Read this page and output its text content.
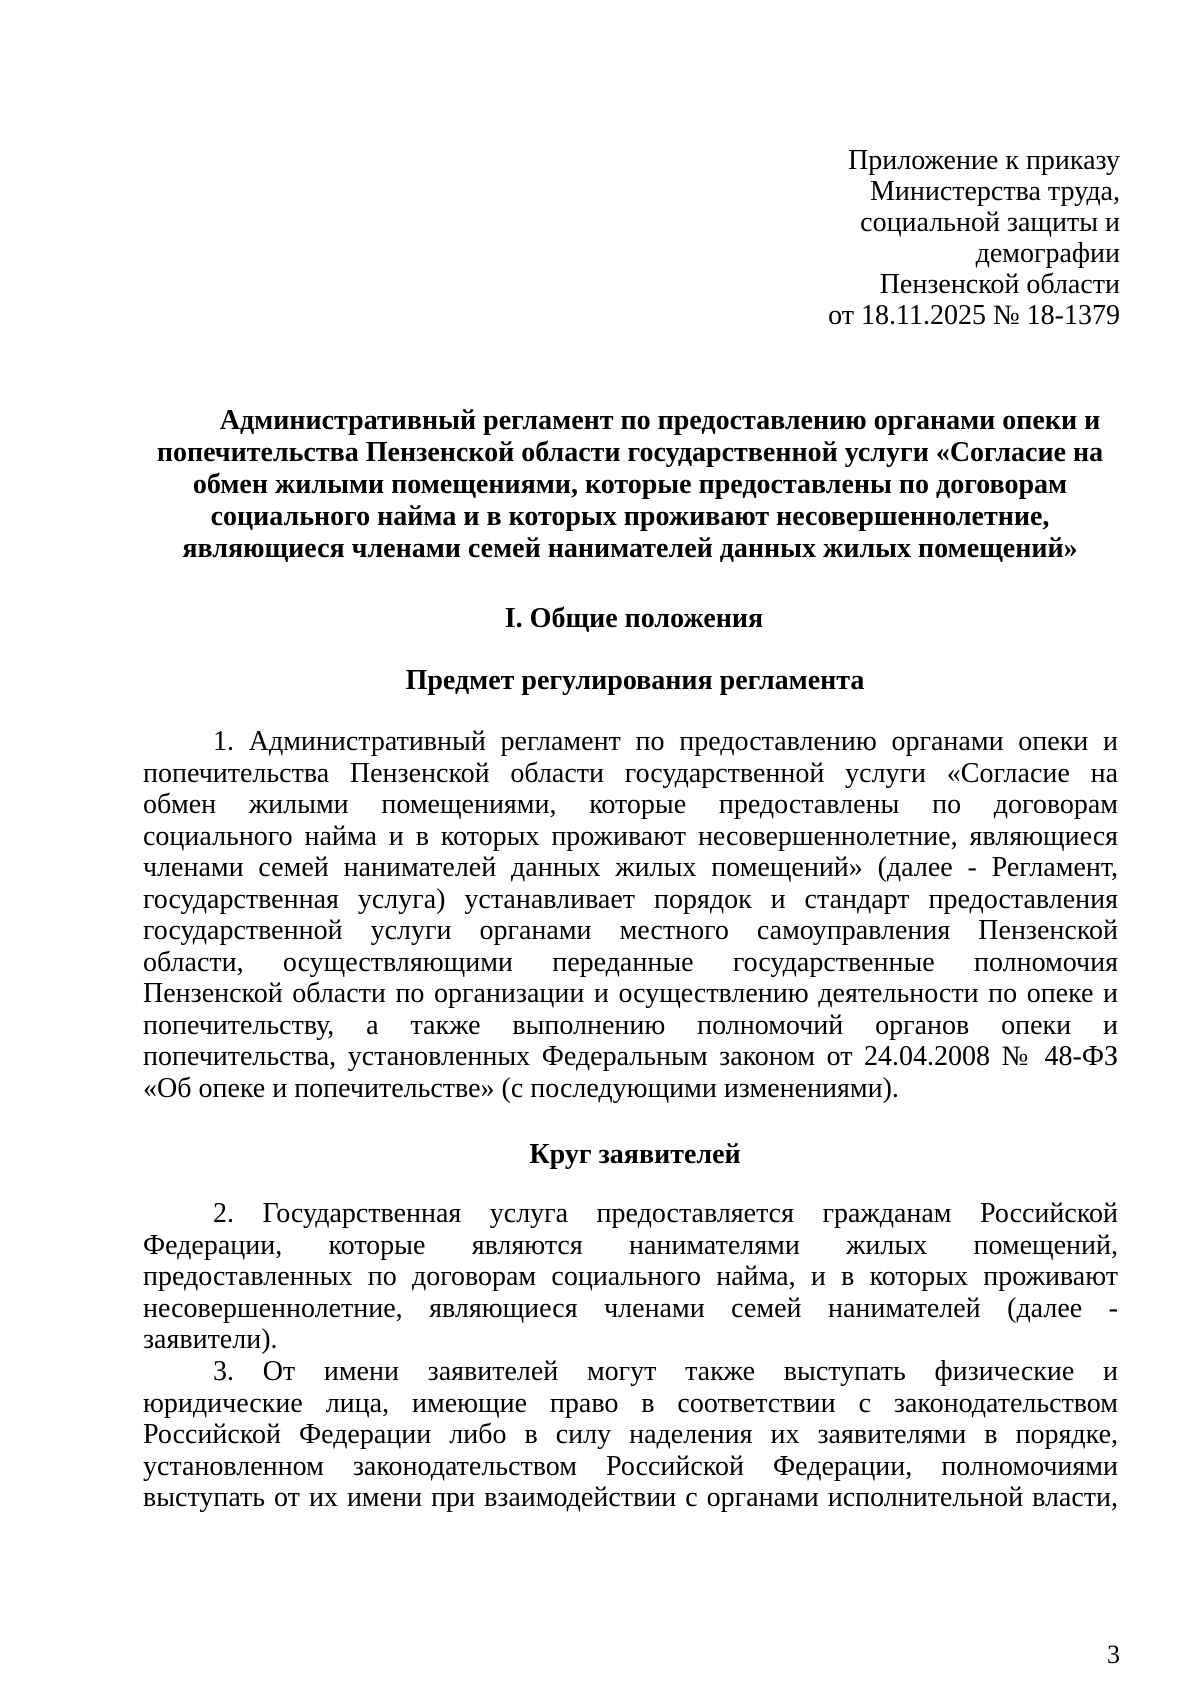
Приложение к приказу
Министерства труда,
социальной защиты и
демографии
Пензенской области
от 18.11.2025 № 18-1379
Административный регламент по предоставлению органами опеки и
попечительства Пензенской области государственной услуги «Согласие на
обмен жилыми помещениями, которые предоставлены по договорам
социального найма и в которых проживают несовершеннолетние,
являющиеся членами семей нанимателей данных жилых помещений»
I. Общие положения
Предмет регулирования регламента
1. Административный регламент по предоставлению органами опеки и
попечительства Пензенской области государственной услуги «Согласие на
обмен жилыми помещениями, которые предоставлены по договорам
социального найма и в которых проживают несовершеннолетние, являющиеся
членами семей нанимателей данных жилых помещений» (далее - Регламент,
государственная услуга) устанавливает порядок и стандарт предоставления
государственной услуги органами местного самоуправления Пензенской
области, осуществляющими переданные государственные полномочия
Пензенской области по организации и осуществлению деятельности по опеке и
попечительству, а также выполнению полномочий органов опеки и
попечительства, установленных Федеральным законом от 24.04.2008 № 48-ФЗ
«Об опеке и попечительстве» (с последующими изменениями).
Круг заявителей
2. Государственная услуга предоставляется гражданам Российской
Федерации, которые являются нанимателями жилых помещений,
предоставленных по договорам социального найма, и в которых проживают
несовершеннолетние, являющиеся членами семей нанимателей (далее -
заявители).
3. От имени заявителей могут также выступать физические и
юридические лица, имеющие право в соответствии с законодательством
Российской Федерации либо в силу наделения их заявителями в порядке,
установленном законодательством Российской Федерации, полномочиями
выступать от их имени при взаимодействии с органами исполнительной власти,
3
